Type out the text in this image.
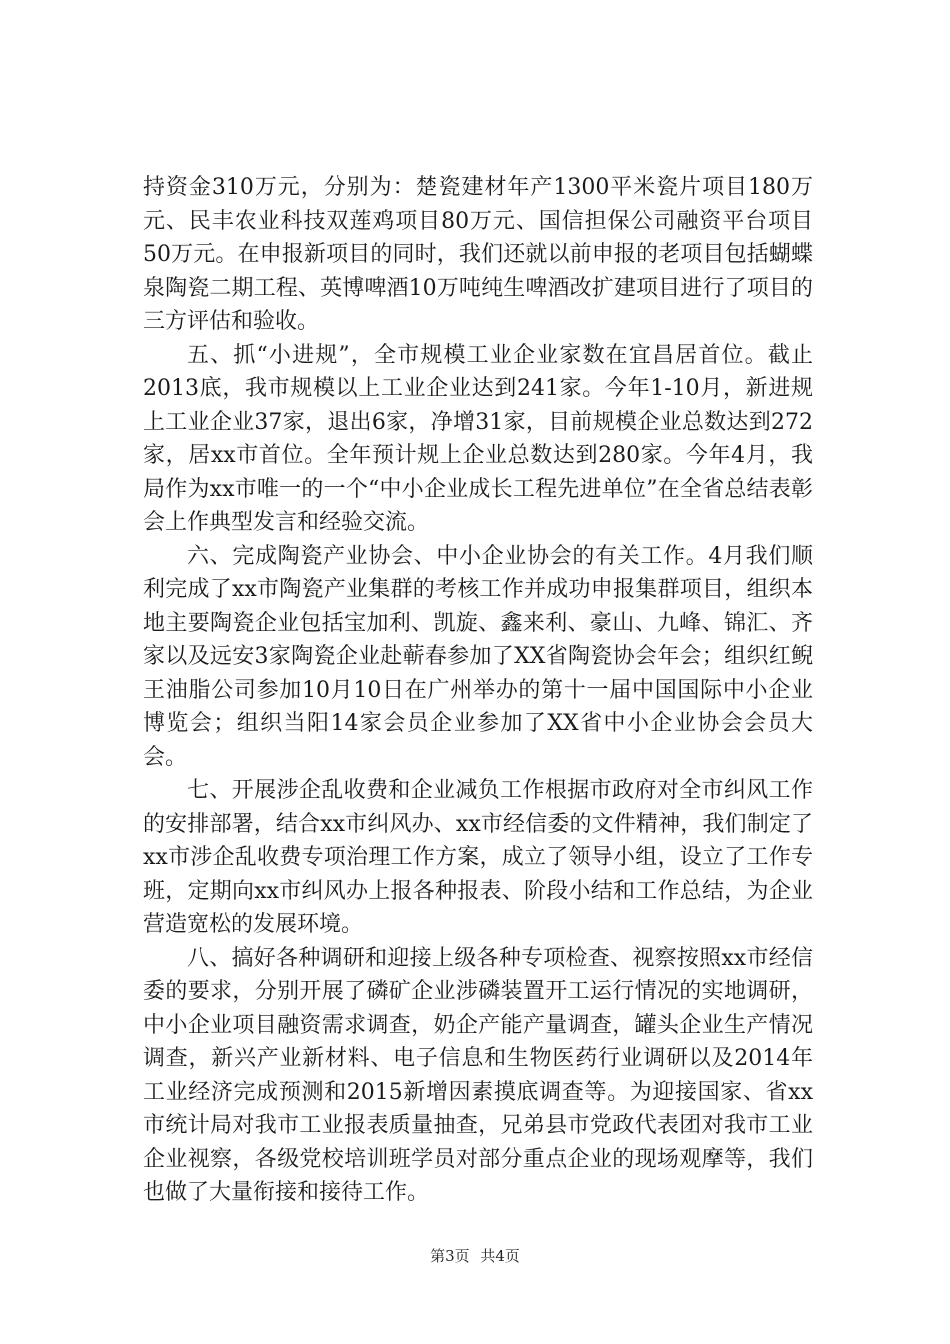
持资金310万元，分别为：楚瓷建材年产1300平米瓷片项目180万元、民丰农业科技双莲鸡项目80万元、国信担保公司融资平台项目50万元。在申报新项目的同时，我们还就以前申报的老项目包括蝴蝶泉陶瓷二期工程、英博啤酒10万吨纯生啤酒改扩建项目进行了项目的三方评估和验收。

五、抓“小进规”，全市规模工业企业家数在宜昌居首位。截止2013底，我市规模以上工业企业达到241家。今年1-10月，新进规上工业企业37家，退出6家，净增31家，目前规模企业总数达到272家，居xx市首位。全年预计规上企业总数达到280家。今年4月，我局作为xx市唯一的一个“中小企业成长工程先进单位”在全省总结表彰会上作典型发言和经验交流。

六、完成陶瓷产业协会、中小企业协会的有关工作。4月我们顺利完成了xx市陶瓷产业集群的考核工作并成功申报集群项目，组织本地主要陶瓷企业包括宝加利、凯旋、鑫来利、豪山、九峰、锦汇、齐家以及远安3家陶瓷企业赴蕲春参加了XX省陶瓷协会年会；组织红鲵王油脂公司参加10月10日在广州举办的第十一届中国国际中小企业博览会；组织当阳14家会员企业参加了XX省中小企业协会会员大会。

七、开展涉企乱收费和企业减负工作根据市政府对全市纠风工作的安排部署，结合xx市纠风办、xx市经信委的文件精神，我们制定了xx市涉企乱收费专项治理工作方案，成立了领导小组，设立了工作专班，定期向xx市纠风办上报各种报表、阶段小结和工作总结，为企业营造宽松的发展环境。

八、搞好各种调研和迎接上级各种专项检查、视察按照xx市经信委的要求，分别开展了磷矿企业涉磷装置开工运行情况的实地调研，中小企业项目融资需求调查，奶企产能产量调查，罐头企业生产情况调查，新兴产业新材料、电子信息和生物医药行业调研以及2014年工业经济完成预测和2015新增因素摸底调查等。为迎接国家、省xx市统计局对我市工业报表质量抽查，兄弟县市党政代表团对我市工业企业视察，各级党校培训班学员对部分重点企业的现场观摩等，我们也做了大量衔接和接待工作。

第3页 共4页
